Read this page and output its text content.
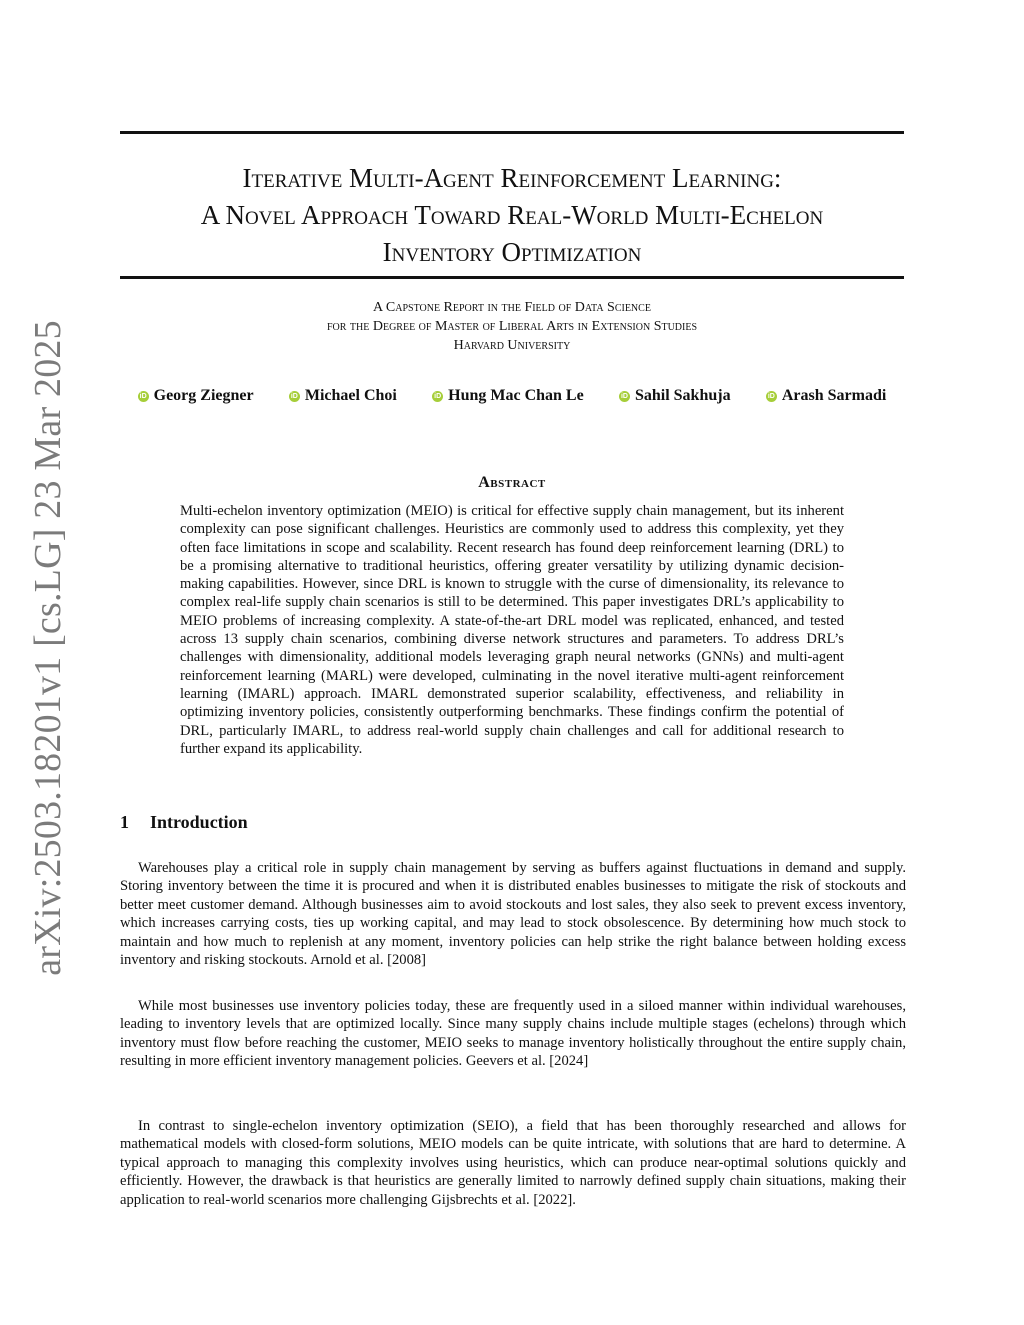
arXiv:2503.18201v1 [cs.LG] 23 Mar 2025
Iterative Multi-Agent Reinforcement Learning:
A Novel Approach Toward Real-World Multi-Echelon
Inventory Optimization
A Capstone Report in the Field of Data Science
for the Degree of Master of Liberal Arts in Extension Studies
Harvard University
iD Georg Ziegner	iD Michael Choi	iD Hung Mac Chan Le	iD Sahil Sakhuja	iD Arash Sarmadi
Abstract

Multi-echelon inventory optimization (MEIO) is critical for effective supply chain management, but its inherent complexity can pose significant challenges. Heuristics are commonly used to address this complexity, yet they often face limitations in scope and scalability. Recent research has found deep reinforcement learning (DRL) to be a promising alternative to traditional heuristics, offering greater versatility by utilizing dynamic decision-making capabilities. However, since DRL is known to struggle with the curse of dimensionality, its relevance to complex real-life supply chain scenarios is still to be determined. This paper investigates DRL’s applicability to MEIO problems of increasing complexity. A state-of-the-art DRL model was replicated, enhanced, and tested across 13 supply chain scenarios, combining diverse network structures and parameters. To address DRL’s challenges with dimensionality, additional models leveraging graph neural networks (GNNs) and multi-agent reinforcement learning (MARL) were developed, culminating in the novel iterative multi-agent reinforcement learning (IMARL) approach. IMARL demonstrated superior scalability, effectiveness, and reliability in optimizing inventory policies, consistently outperforming benchmarks. These findings confirm the potential of DRL, particularly IMARL, to address real-world supply chain challenges and call for additional research to further expand its applicability.

1 Introduction

Warehouses play a critical role in supply chain management by serving as buffers against fluctuations in demand and supply. Storing inventory between the time it is procured and when it is distributed enables businesses to mitigate the risk of stockouts and better meet customer demand. Although businesses aim to avoid stockouts and lost sales, they also seek to prevent excess inventory, which increases carrying costs, ties up working capital, and may lead to stock obsolescence. By determining how much stock to maintain and how much to replenish at any moment, inventory policies can help strike the right balance between holding excess inventory and risking stockouts. Arnold et al. [2008]

While most businesses use inventory policies today, these are frequently used in a siloed manner within individual warehouses, leading to inventory levels that are optimized locally. Since many supply chains include multiple stages (echelons) through which inventory must flow before reaching the customer, MEIO seeks to manage inventory holistically throughout the entire supply chain, resulting in more efficient inventory management policies. Geevers et al. [2024]

In contrast to single-echelon inventory optimization (SEIO), a field that has been thoroughly researched and allows for mathematical models with closed-form solutions, MEIO models can be quite intricate, with solutions that are hard to determine. A typical approach to managing this complexity involves using heuristics, which can produce near-optimal solutions quickly and efficiently. However, the drawback is that heuristics are generally limited to narrowly defined supply chain situations, making their application to real-world scenarios more challenging Gijsbrechts et al. [2022].
